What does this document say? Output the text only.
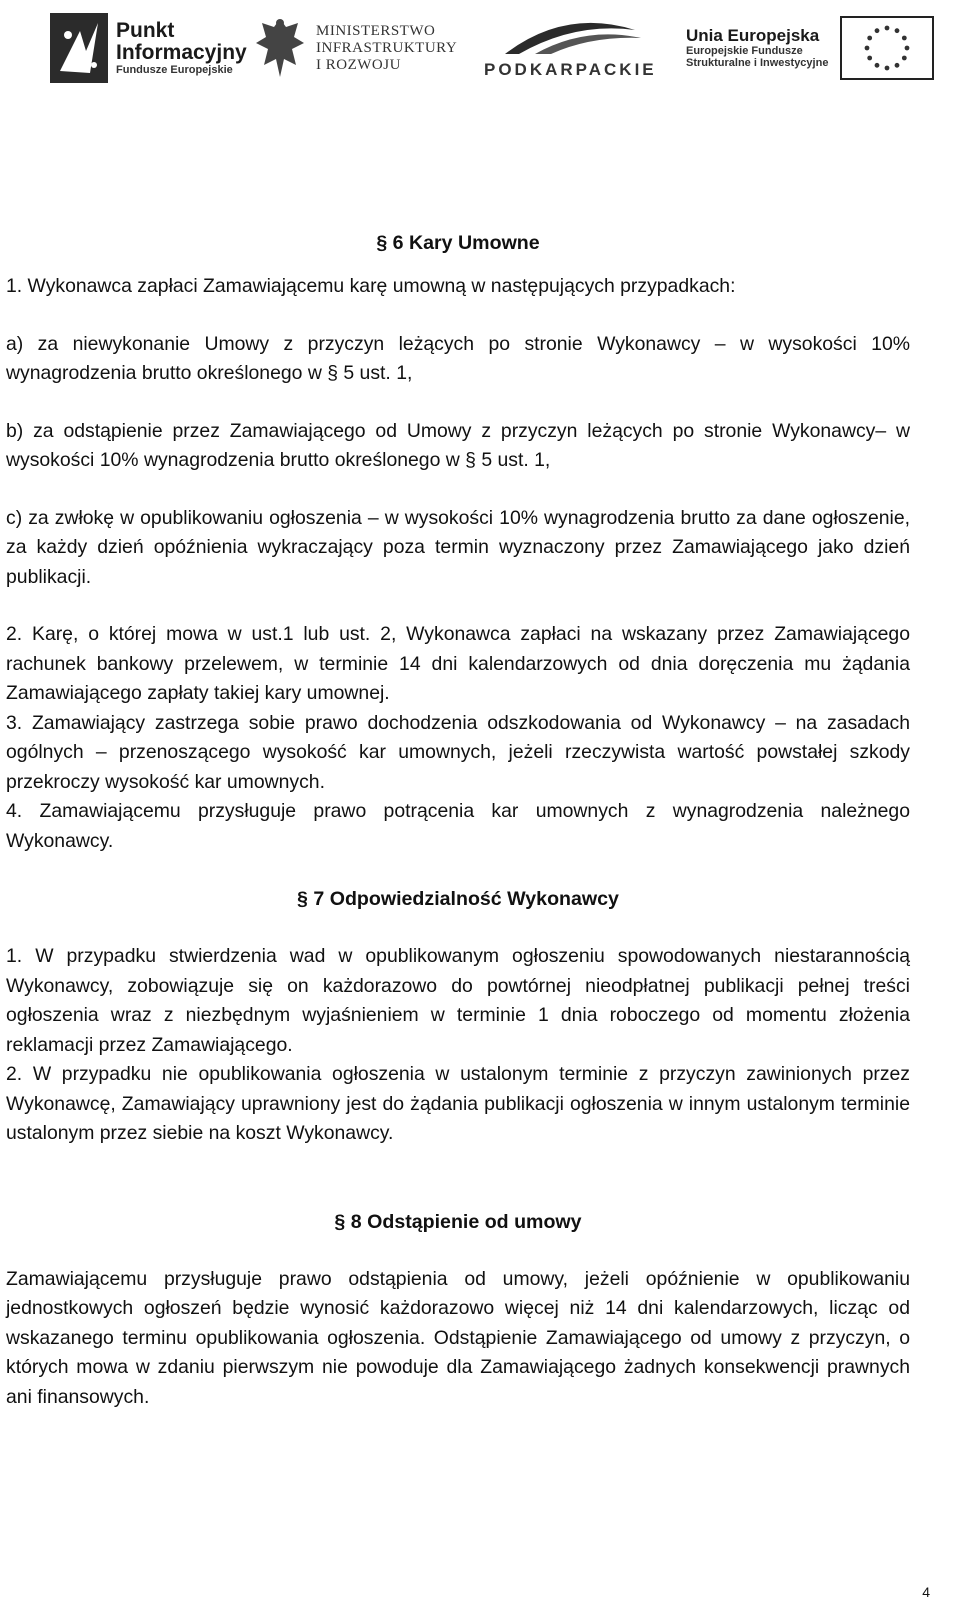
Punkt
Informacyjny
Fundusze Europejskie
MINISTERSTWO
INFRASTRUKTURY
I ROZWOJU	PODKARPACKIE
Unia Europejska
Europejskie Fundusze
Strukturalne i Inwestycyjne
§ 6 Kary Umowne

1. Wykonawca zapłaci Zamawiającemu karę umowną w następujących przypadkach:

a) za niewykonanie Umowy z przyczyn leżących po stronie Wykonawcy – w wysokości 10% wynagrodzenia brutto określonego w § 5 ust. 1,

b) za odstąpienie przez Zamawiającego od Umowy z przyczyn leżących po stronie Wykonawcy– w wysokości 10% wynagrodzenia brutto określonego w § 5 ust. 1,

c) za zwłokę w opublikowaniu ogłoszenia – w wysokości 10% wynagrodzenia brutto za dane ogłoszenie, za każdy dzień opóźnienia wykraczający poza termin wyznaczony przez Zamawiającego jako dzień publikacji.

2. Karę, o której mowa w ust.1 lub ust. 2, Wykonawca zapłaci na wskazany przez Zamawiającego rachunek bankowy przelewem, w terminie 14 dni kalendarzowych od dnia doręczenia mu żądania Zamawiającego zapłaty takiej kary umownej.

3. Zamawiający zastrzega sobie prawo dochodzenia odszkodowania od Wykonawcy – na zasadach ogólnych – przenoszącego wysokość kar umownych, jeżeli rzeczywista wartość powstałej szkody przekroczy wysokość kar umownych.

4. Zamawiającemu przysługuje prawo potrącenia kar umownych z wynagrodzenia należnego Wykonawcy.

§ 7 Odpowiedzialność Wykonawcy

1. W przypadku stwierdzenia wad w opublikowanym ogłoszeniu spowodowanych niestarannością Wykonawcy, zobowiązuje się on każdorazowo do powtórnej nieodpłatnej publikacji pełnej treści ogłoszenia wraz z niezbędnym wyjaśnieniem w terminie 1 dnia roboczego od momentu złożenia reklamacji przez Zamawiającego.

2. W przypadku nie opublikowania ogłoszenia w ustalonym terminie z przyczyn zawinionych przez Wykonawcę, Zamawiający uprawniony jest do żądania publikacji ogłoszenia w innym ustalonym terminie ustalonym przez siebie na koszt Wykonawcy.

§ 8 Odstąpienie od umowy

Zamawiającemu przysługuje prawo odstąpienia od umowy, jeżeli opóźnienie w opublikowaniu jednostkowych ogłoszeń będzie wynosić każdorazowo więcej niż 14 dni kalendarzowych, licząc od wskazanego terminu opublikowania ogłoszenia. Odstąpienie Zamawiającego od umowy z przyczyn, o których mowa w zdaniu pierwszym nie powoduje dla Zamawiającego żadnych konsekwencji prawnych ani finansowych.

4
